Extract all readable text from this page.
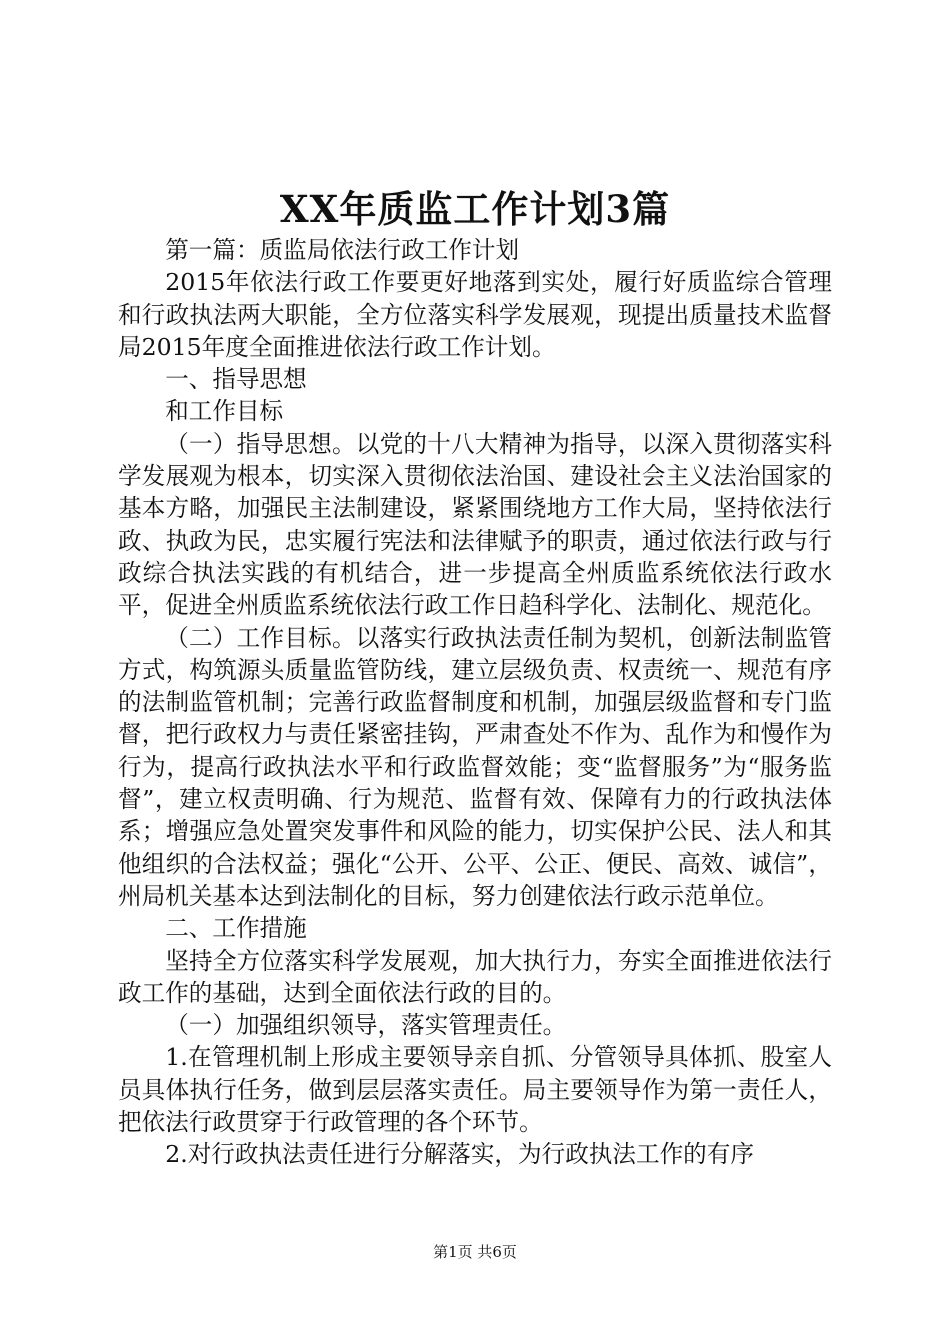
XX年质监工作计划3篇

第一篇：质监局依法行政工作计划

2015年依法行政工作要更好地落到实处，履行好质监综合管理和行政执法两大职能，全方位落实科学发展观，现提出质量技术监督局2015年度全面推进依法行政工作计划。

一、指导思想

和工作目标

（一）指导思想。以党的十八大精神为指导，以深入贯彻落实科学发展观为根本，切实深入贯彻依法治国、建设社会主义法治国家的基本方略，加强民主法制建设，紧紧围绕地方工作大局，坚持依法行政、执政为民，忠实履行宪法和法律赋予的职责，通过依法行政与行政综合执法实践的有机结合，进一步提高全州质监系统依法行政水平，促进全州质监系统依法行政工作日趋科学化、法制化、规范化。

（二）工作目标。以落实行政执法责任制为契机，创新法制监管方式，构筑源头质量监管防线，建立层级负责、权责统一、规范有序的法制监管机制；完善行政监督制度和机制，加强层级监督和专门监督，把行政权力与责任紧密挂钩，严肃查处不作为、乱作为和慢作为行为，提高行政执法水平和行政监督效能；变“监督服务”为“服务监督”，建立权责明确、行为规范、监督有效、保障有力的行政执法体系；增强应急处置突发事件和风险的能力，切实保护公民、法人和其他组织的合法权益；强化“公开、公平、公正、便民、高效、诚信”，州局机关基本达到法制化的目标，努力创建依法行政示范单位。

二、工作措施

坚持全方位落实科学发展观，加大执行力，夯实全面推进依法行政工作的基础，达到全面依法行政的目的。

（一）加强组织领导，落实管理责任。

1.在管理机制上形成主要领导亲自抓、分管领导具体抓、股室人员具体执行任务，做到层层落实责任。局主要领导作为第一责任人，把依法行政贯穿于行政管理的各个环节。

2.对行政执法责任进行分解落实，为行政执法工作的有序

第1页 共6页
